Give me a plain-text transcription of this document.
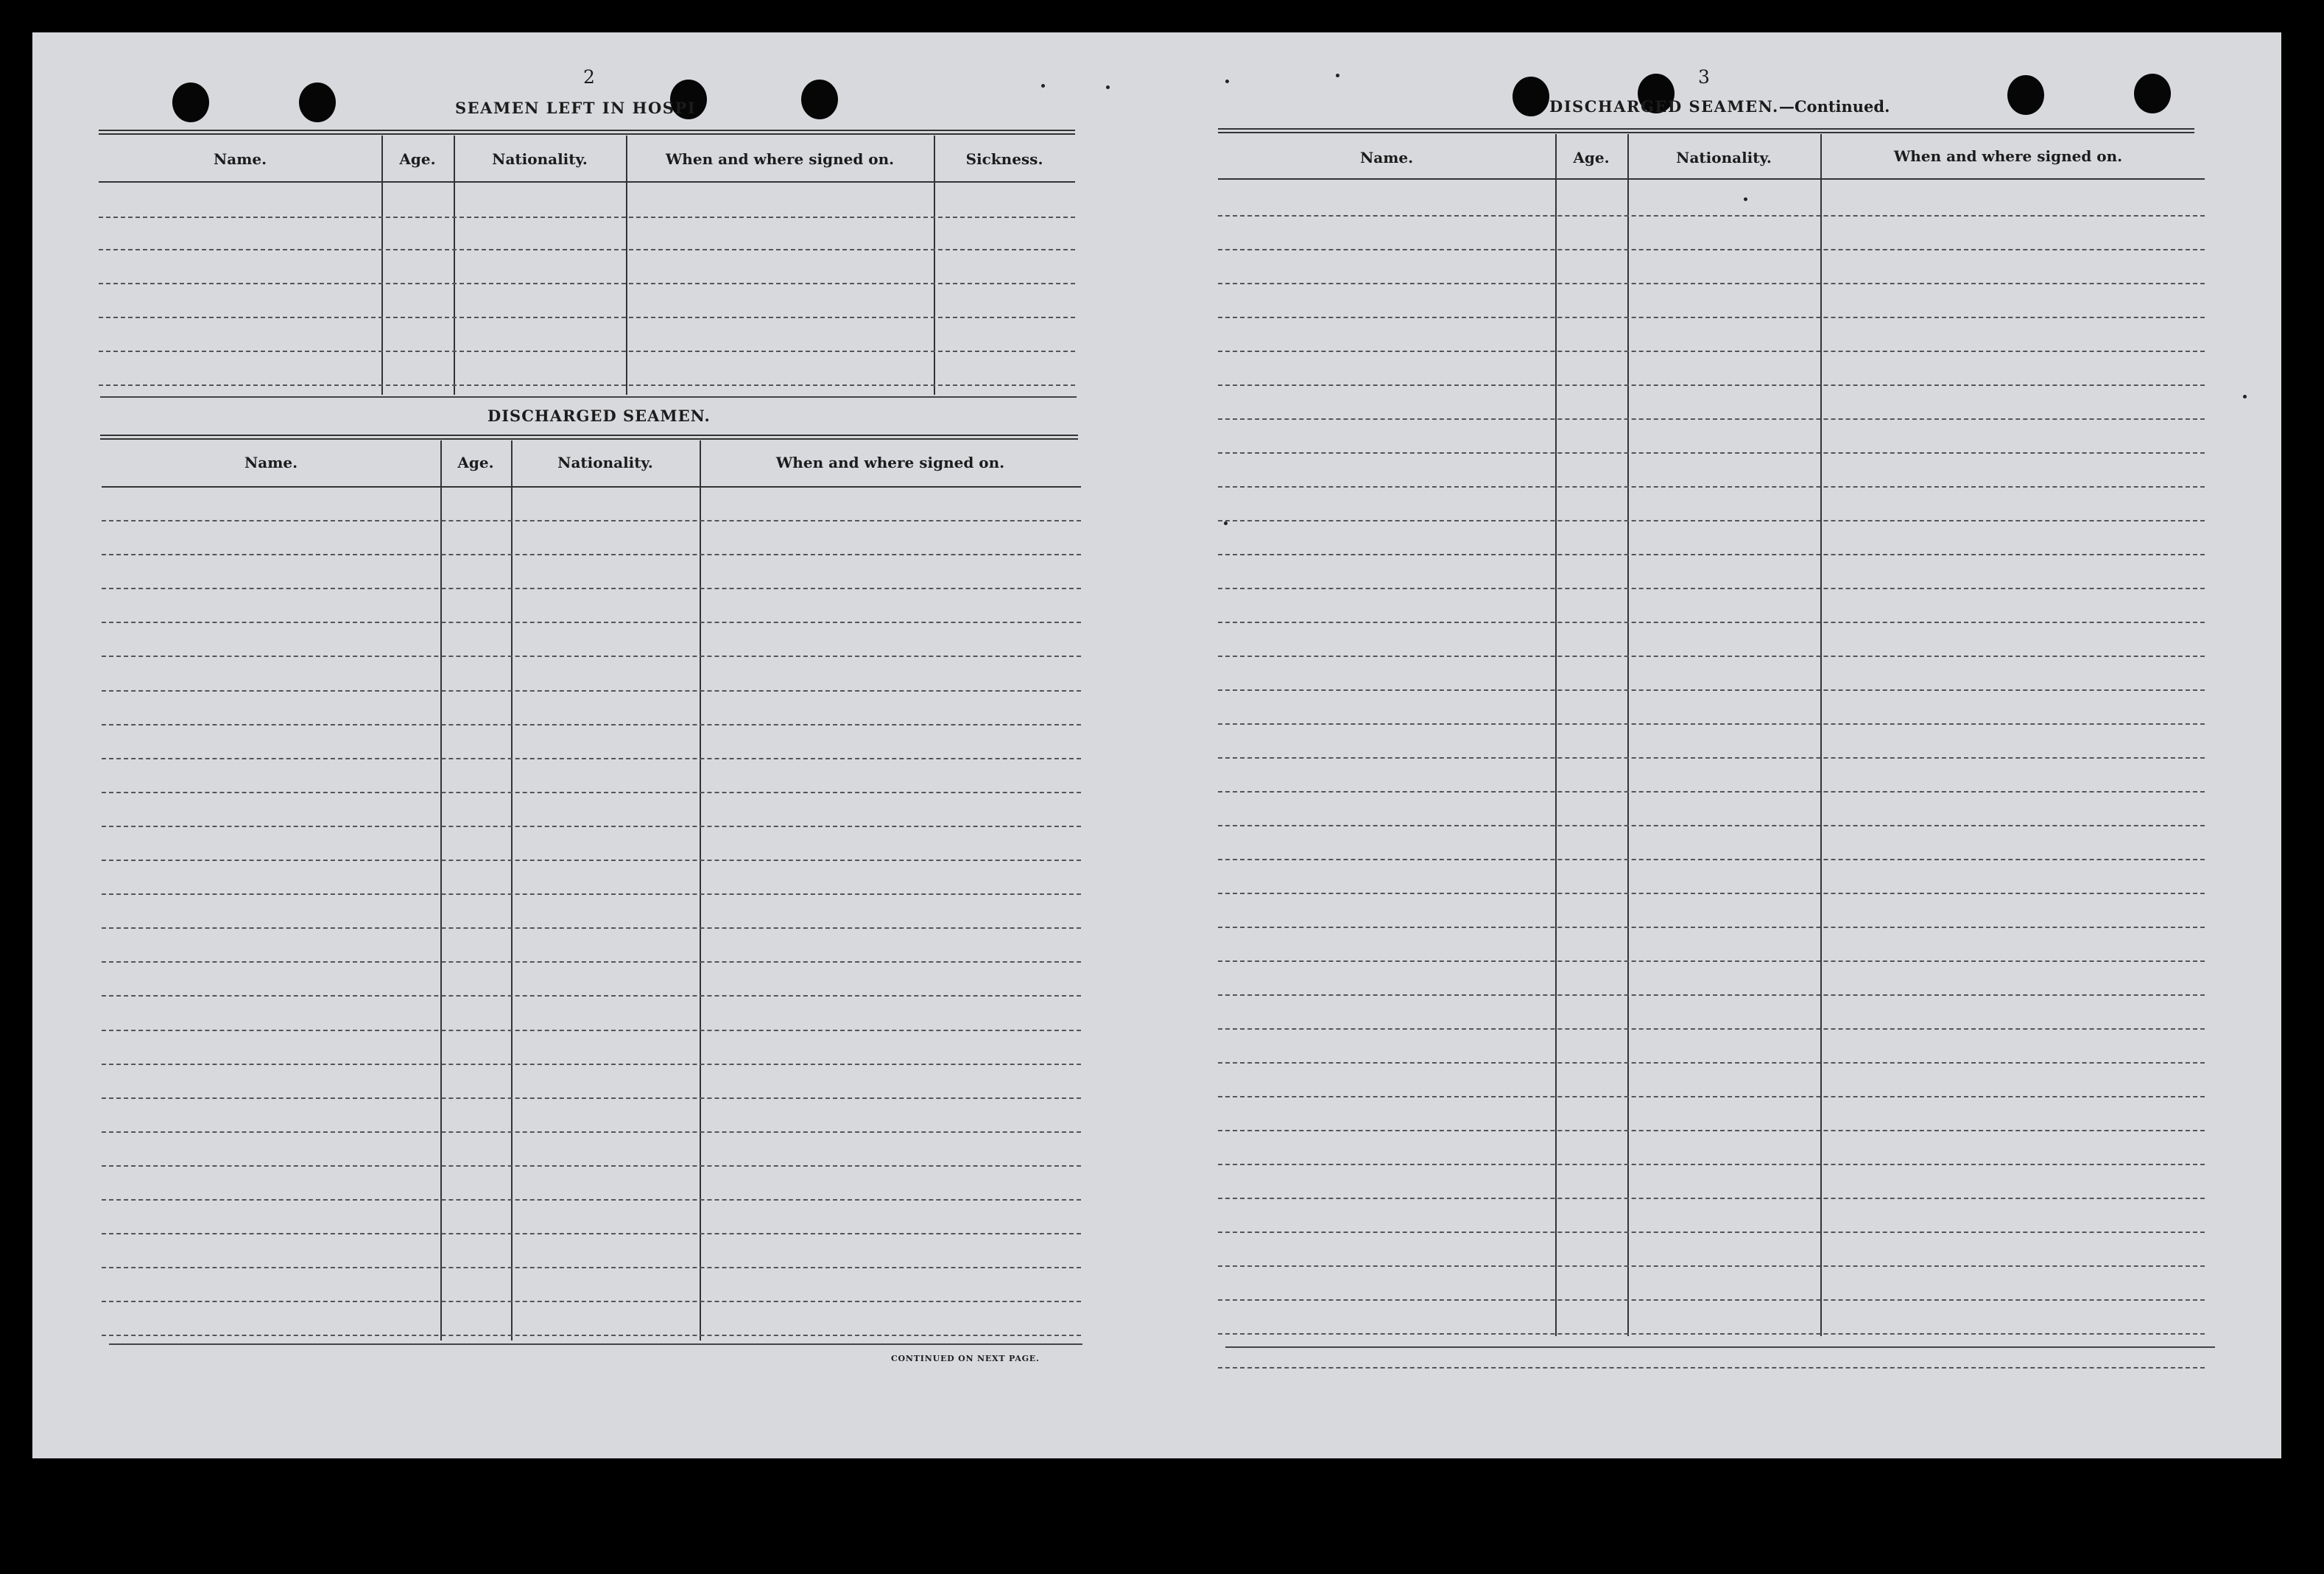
2
SEAMEN LEFT IN HOSPI
Name.	Age.	Nationality.	When and where signed on.	Sickness.
DISCHARGED SEAMEN.
Name.	Age.	Nationality.	When and where signed on.
CONTINUED ON NEXT PAGE.
3
DISCHARGED SEAMEN.—Continued.
Name.	Age.	Nationality.	When and where signed on.
